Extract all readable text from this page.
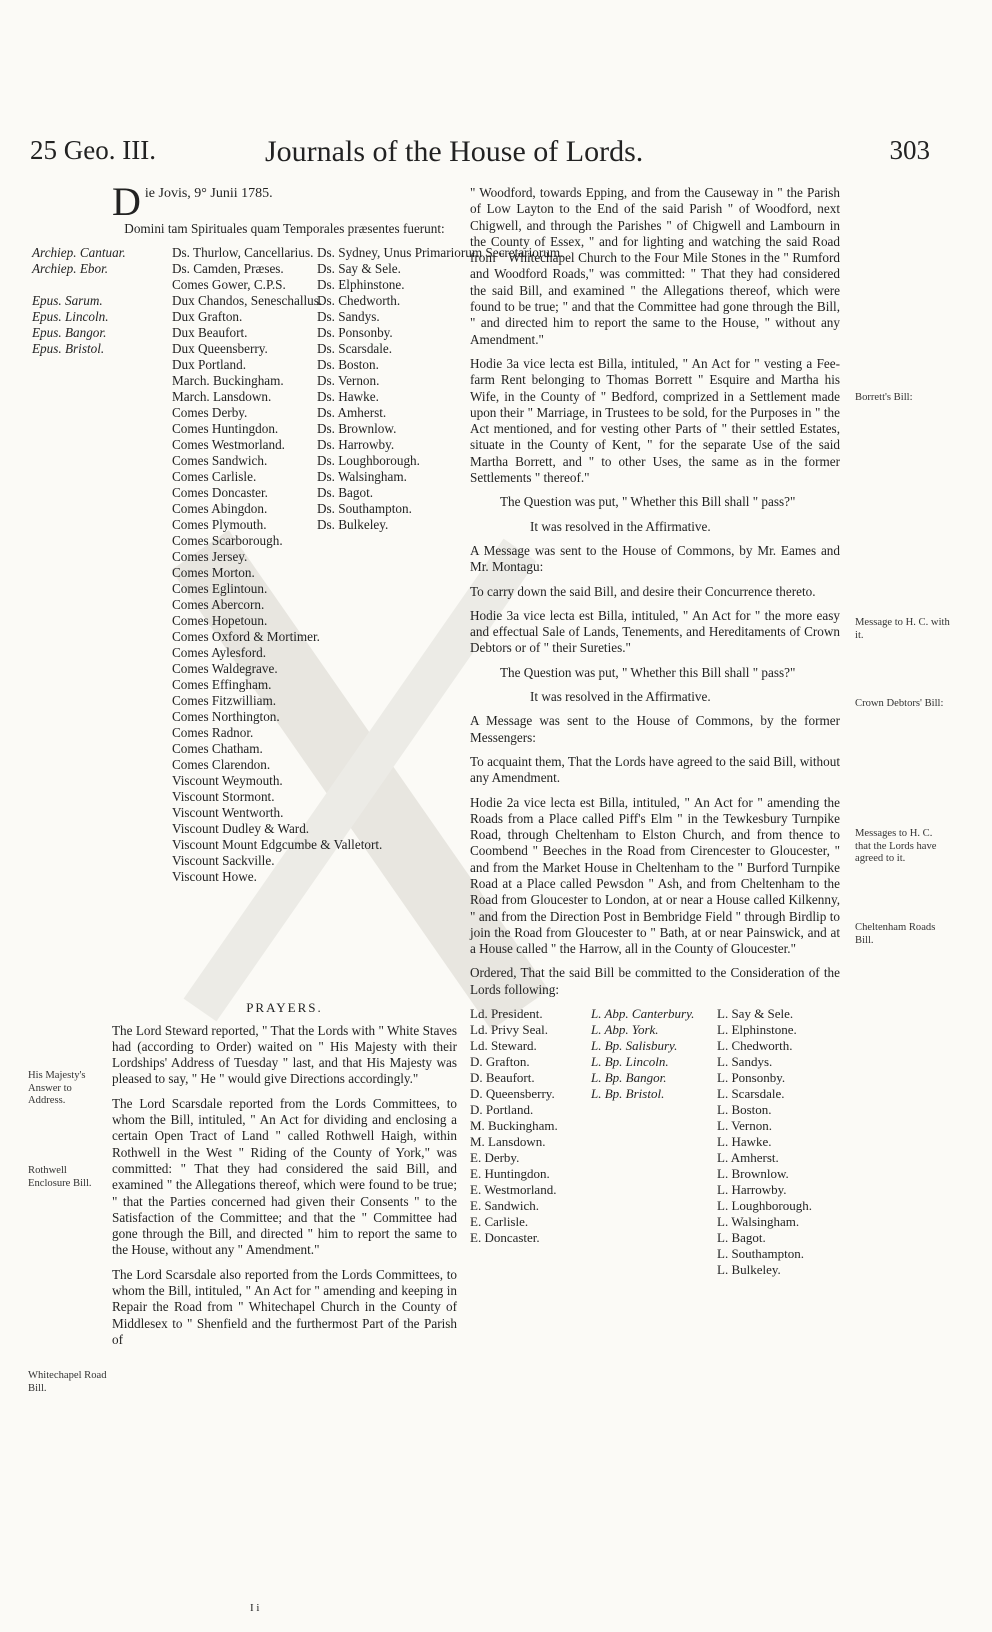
25 Geo. III.	Journals of the House of Lords.	303
D ie Jovis, 9° Junii 1785.

Domini tam Spirituales quam Temporales præsentes fuerunt:

Archiep. Cantuar.
Archiep. Ebor.

Epus. Sarum.
Epus. Lincoln.
Epus. Bangor.
Epus. Bristol.
Ds. Thurlow, Cancellarius.
Ds. Camden, Præses.
Comes Gower, C.P.S.
Dux Chandos, Seneschallus.
Dux Grafton.
Dux Beaufort.
Dux Queensberry.
Dux Portland.
March. Buckingham.
March. Lansdown.
Comes Derby.
Comes Huntingdon.
Comes Westmorland.
Comes Sandwich.
Comes Carlisle.
Comes Doncaster.
Comes Abingdon.
Comes Plymouth.
Comes Scarborough.
Comes Jersey.
Comes Morton.
Comes Eglintoun.
Comes Abercorn.
Comes Hopetoun.
Comes Oxford & Mortimer.
Comes Aylesford.
Comes Waldegrave.
Comes Effingham.
Comes Fitzwilliam.
Comes Northington.
Comes Radnor.
Comes Chatham.
Comes Clarendon.
Viscount Weymouth.
Viscount Stormont.
Viscount Wentworth.
Viscount Dudley & Ward.
Viscount Mount Edgcumbe & Valletort.
Viscount Sackville.
Viscount Howe.
Ds. Sydney, Unus Primariorum Secretariorum.
Ds. Say & Sele.
Ds. Elphinstone.
Ds. Chedworth.
Ds. Sandys.
Ds. Ponsonby.
Ds. Scarsdale.
Ds. Boston.
Ds. Vernon.
Ds. Hawke.
Ds. Amherst.
Ds. Brownlow.
Ds. Harrowby.
Ds. Loughborough.
Ds. Walsingham.
Ds. Bagot.
Ds. Southampton.
Ds. Bulkeley.
PRAYERS.

The Lord Steward reported, " That the Lords with " White Staves had (according to Order) waited on " His Majesty with their Lordships' Address of Tuesday " last, and that His Majesty was pleased to say, " He " would give Directions accordingly."

The Lord Scarsdale reported from the Lords Committees, to whom the Bill, intituled, " An Act for dividing and enclosing a certain Open Tract of Land " called Rothwell Haigh, within Rothwell in the West " Riding of the County of York," was committed: " That they had considered the said Bill, and examined " the Allegations thereof, which were found to be true; " that the Parties concerned had given their Consents " to the Satisfaction of the Committee; and that the " Committee had gone through the Bill, and directed " him to report the same to the House, without any " Amendment."

The Lord Scarsdale also reported from the Lords Committees, to whom the Bill, intituled, " An Act for " amending and keeping in Repair the Road from " Whitechapel Church in the County of Middlesex to " Shenfield and the furthermost Part of the Parish of

" Woodford, towards Epping, and from the Causeway in " the Parish of Low Layton to the End of the said Parish " of Woodford, next Chigwell, and through the Parishes " of Chigwell and Lambourn in the County of Essex, " and for lighting and watching the said Road from " Whitechapel Church to the Four Mile Stones in the " Rumford and Woodford Roads," was committed: " That they had considered the said Bill, and examined " the Allegations thereof, which were found to be true; " and that the Committee had gone through the Bill, " and directed him to report the same to the House, " without any Amendment."

Hodie 3a vice lecta est Billa, intituled, " An Act for " vesting a Fee-farm Rent belonging to Thomas Borrett " Esquire and Martha his Wife, in the County of " Bedford, comprized in a Settlement made upon their " Marriage, in Trustees to be sold, for the Purposes in " the Act mentioned, and for vesting other Parts of " their settled Estates, situate in the County of Kent, " for the separate Use of the said Martha Borrett, and " to other Uses, the same as in the former Settlements " thereof."

The Question was put, " Whether this Bill shall " pass?"

It was resolved in the Affirmative.

A Message was sent to the House of Commons, by Mr. Eames and Mr. Montagu:

To carry down the said Bill, and desire their Concurrence thereto.

Hodie 3a vice lecta est Billa, intituled, " An Act for " the more easy and effectual Sale of Lands, Tenements, and Hereditaments of Crown Debtors or of " their Sureties."

The Question was put, " Whether this Bill shall " pass?"

It was resolved in the Affirmative.

A Message was sent to the House of Commons, by the former Messengers:

To acquaint them, That the Lords have agreed to the said Bill, without any Amendment.

Hodie 2a vice lecta est Billa, intituled, " An Act for " amending the Roads from a Place called Piff's Elm " in the Tewkesbury Turnpike Road, through Cheltenham to Elston Church, and from thence to Coombend " Beeches in the Road from Cirencester to Gloucester, " and from the Market House in Cheltenham to the " Burford Turnpike Road at a Place called Pewsdon " Ash, and from Cheltenham to the Road from Gloucester to London, at or near a House called Kilkenny, " and from the Direction Post in Bembridge Field " through Birdlip to join the Road from Gloucester to " Bath, at or near Painswick, and at a House called " the Harrow, all in the County of Gloucester."

Ordered, That the said Bill be committed to the Consideration of the Lords following:

Ld. President.
Ld. Privy Seal.
Ld. Steward.
D. Grafton.
D. Beaufort.
D. Queensberry.
D. Portland.
M. Buckingham.
M. Lansdown.
E. Derby.
E. Huntingdon.
E. Westmorland.
E. Sandwich.
E. Carlisle.
E. Doncaster.
L. Abp. Canterbury.
L. Abp. York.
L. Bp. Salisbury.
L. Bp. Lincoln.
L. Bp. Bangor.
L. Bp. Bristol.
L. Say & Sele.
L. Elphinstone.
L. Chedworth.
L. Sandys.
L. Ponsonby.
L. Scarsdale.
L. Boston.
L. Vernon.
L. Hawke.
L. Amherst.
L. Brownlow.
L. Harrowby.
L. Loughborough.
L. Walsingham.
L. Bagot.
L. Southampton.
L. Bulkeley.
His Majesty's Answer to Address.
Rothwell Enclosure Bill.
Whitechapel Road Bill.
Borrett's Bill:
Message to H. C. with it.
Crown Debtors' Bill:
Messages to H. C. that the Lords have agreed to it.
Cheltenham Roads Bill.
I i
